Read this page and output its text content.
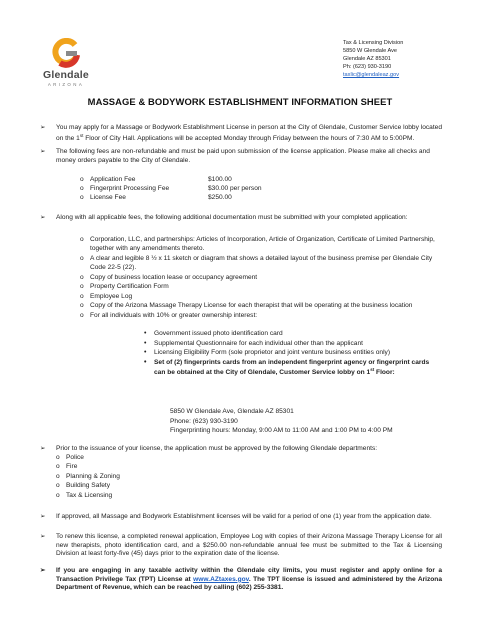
Glendale
ARIZONA
Tax & Licensing Division
5850 W Glendale Ave
Glendale AZ 85301
Ph: (623) 930-3190
taxlic@glendaleaz.gov
MASSAGE & BODYWORK ESTABLISHMENT INFORMATION SHEET
➢ You may apply for a Massage or Bodywork Establishment License in person at the City of Glendale, Customer Service lobby located on the 1st Floor of City Hall. Applications will be accepted Monday through Friday between the hours of 7:30 AM to 5:00PM.
➢ The following fees are non-refundable and must be paid upon submission of the license application. Please make all checks and money orders payable to the City of Glendale.
o Application Fee	$100.00
o Fingerprint Processing Fee	$30.00 per person
o License Fee	$250.00
➢ Along with all applicable fees, the following additional documentation must be submitted with your completed application:
o Corporation, LLC, and partnerships: Articles of Incorporation, Article of Organization, Certificate of Limited Partnership, together with any amendments thereto.
o A clear and legible 8 ½ x 11 sketch or diagram that shows a detailed layout of the business premise per Glendale City Code 22-5 (22).
o Copy of business location lease or occupancy agreement
o Property Certification Form
o Employee Log
o Copy of the Arizona Massage Therapy License for each therapist that will be operating at the business location
o For all individuals with 10% or greater ownership interest:
• Government issued photo identification card
• Supplemental Questionnaire for each individual other than the applicant
• Licensing Eligibility Form (sole proprietor and joint venture business entities only)
• Set of (2) fingerprints cards from an independent fingerprint agency or fingerprint cards can be obtained at the City of Glendale, Customer Service lobby on 1st Floor:
5850 W Glendale Ave, Glendale AZ 85301
Phone: (623) 930-3190
Fingerprinting hours: Monday, 9:00 AM to 11:00 AM and 1:00 PM to 4:00 PM
➢ Prior to the issuance of your license, the application must be approved by the following Glendale departments:
o Police
o Fire
o Planning & Zoning
o Building Safety
o Tax & Licensing
➢ If approved, all Massage and Bodywork Establishment licenses will be valid for a period of one (1) year from the application date.
➢ To renew this license, a completed renewal application, Employee Log with copies of their Arizona Massage Therapy License for all new therapists, photo identification card, and a $250.00 non-refundable annual fee must be submitted to the Tax & Licensing Division at least forty-five (45) days prior to the expiration date of the license.
➢ If you are engaging in any taxable activity within the Glendale city limits, you must register and apply online for a Transaction Privilege Tax (TPT) License at www.AZtaxes.gov. The TPT license is issued and administered by the Arizona Department of Revenue, which can be reached by calling (602) 255-3381.
